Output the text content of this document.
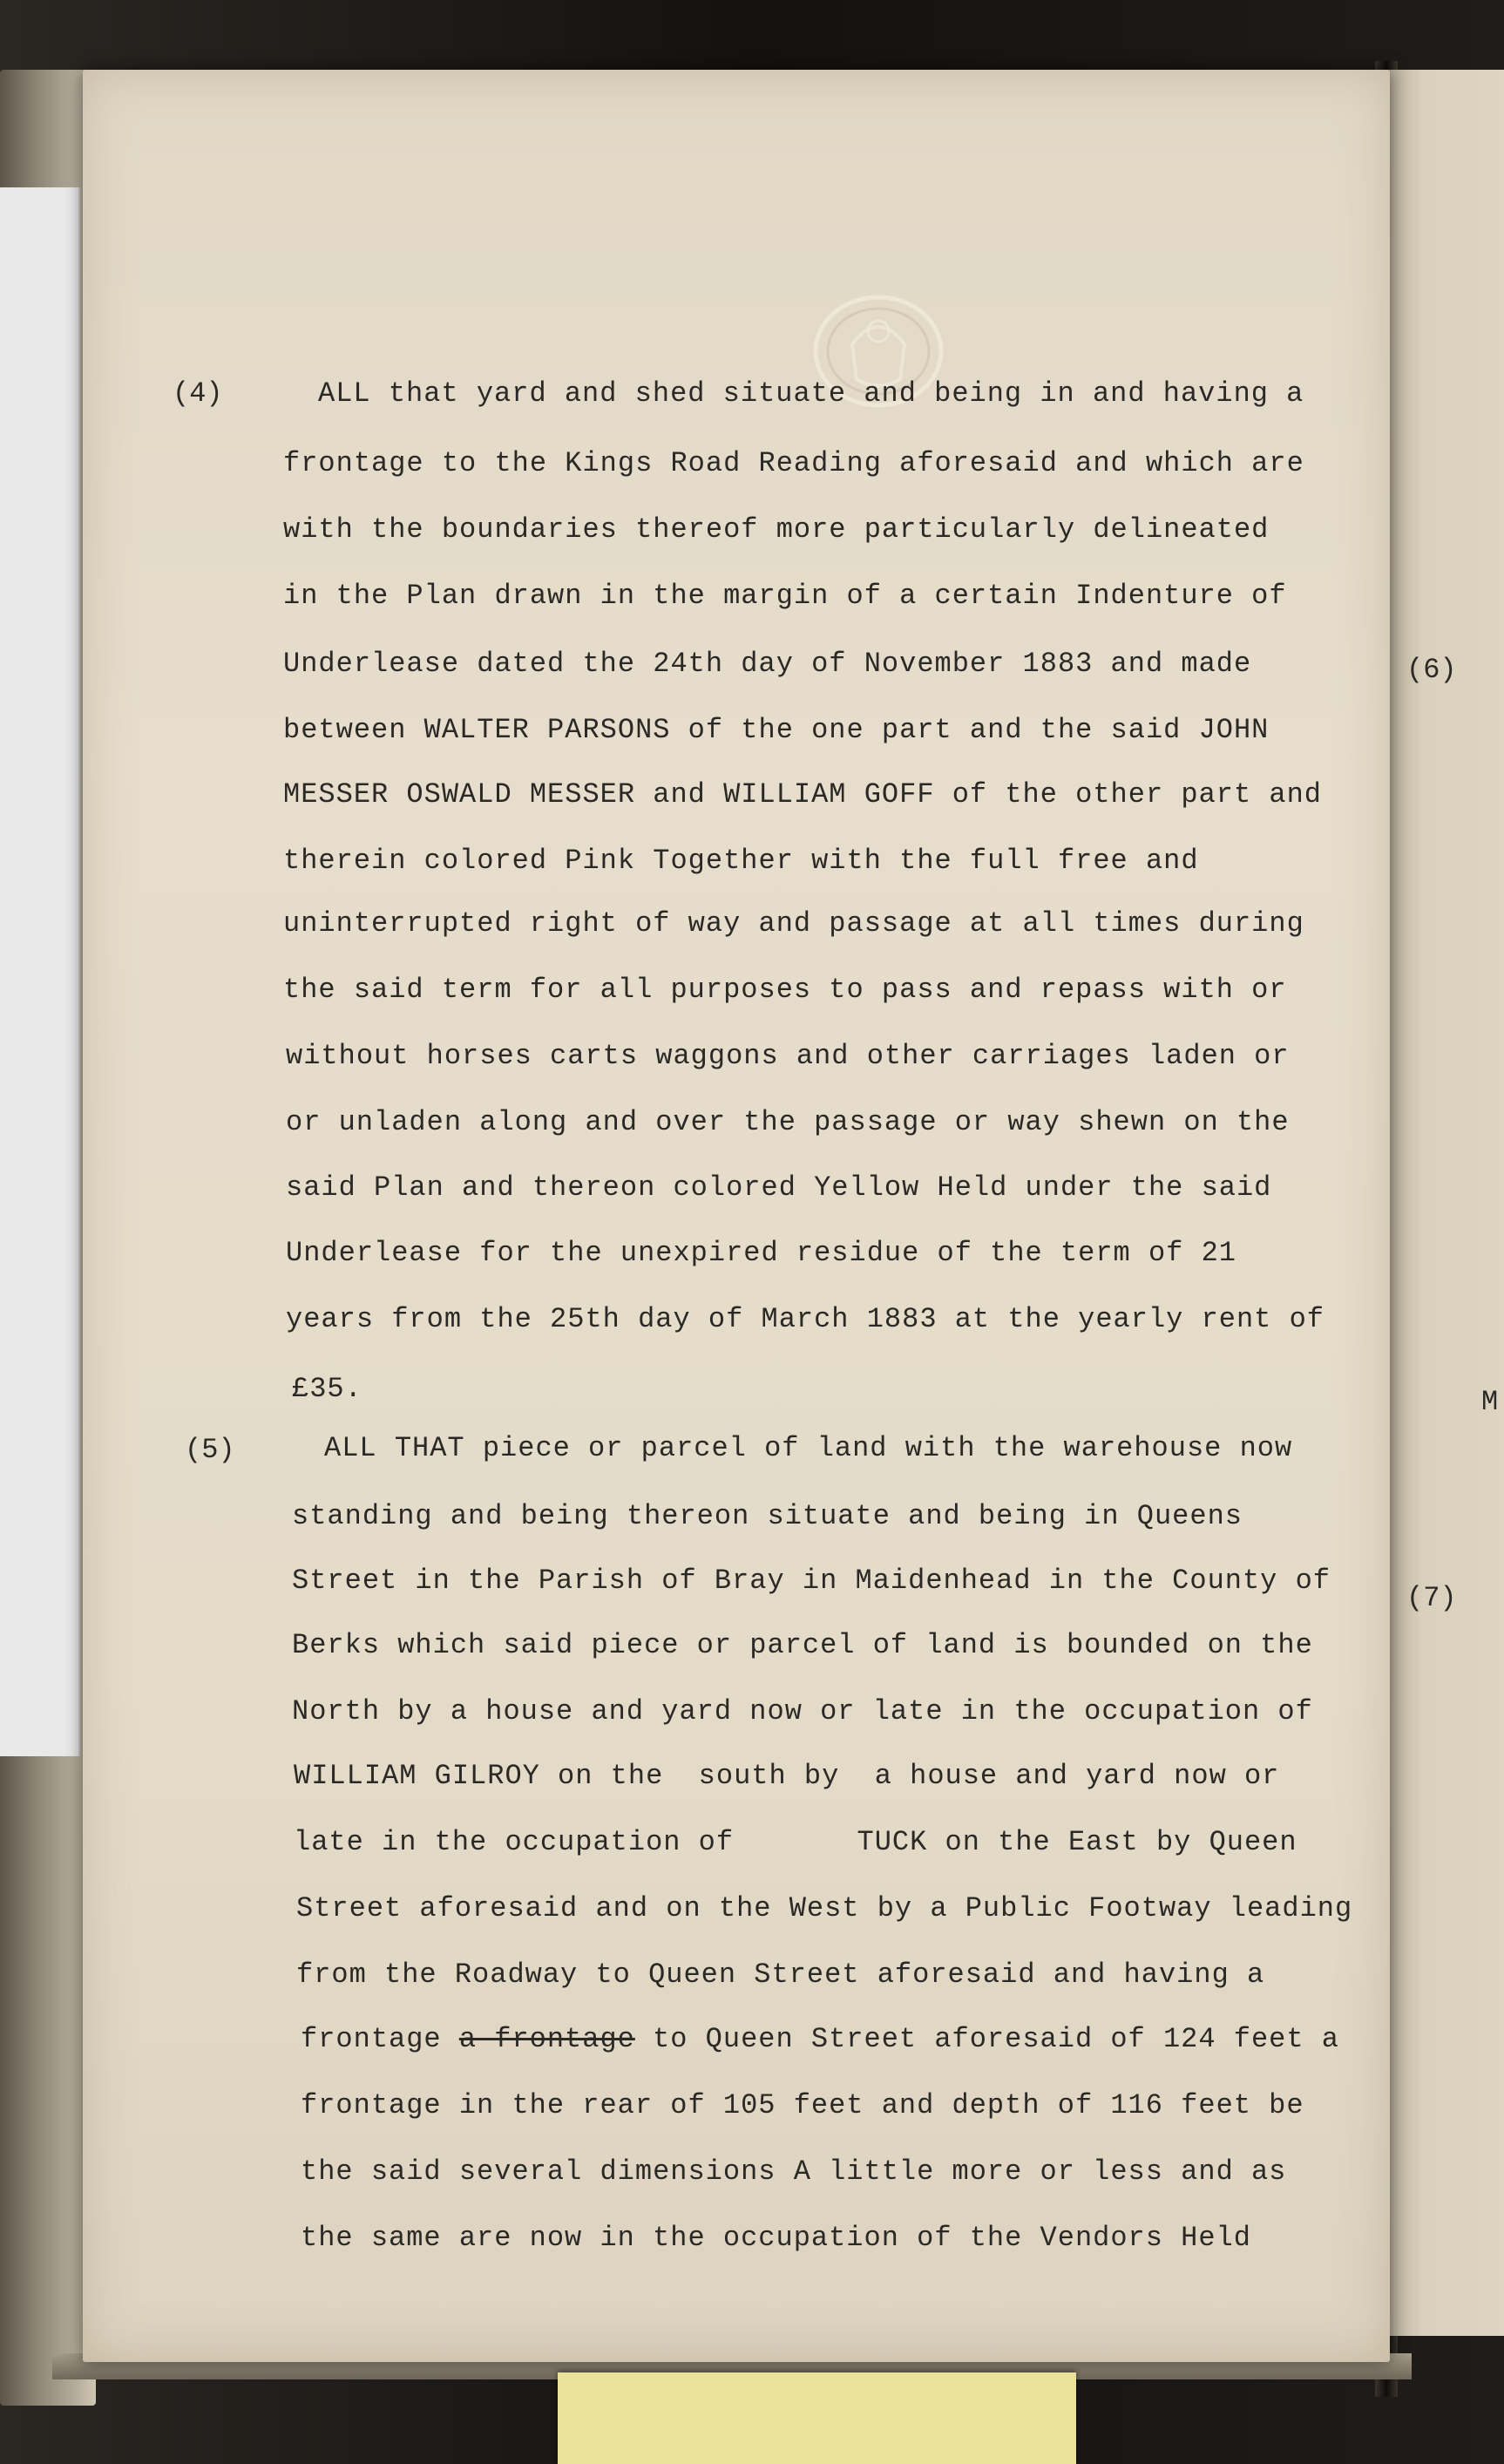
(6)
(7)
M
(4)	ALL that yard and shed situate and being in and having a
frontage to the Kings Road Reading aforesaid and which are
with the boundaries thereof more particularly delineated
in the Plan drawn in the margin of a certain Indenture of
Underlease dated the 24th day of November 1883 and made
between WALTER PARSONS of the one part and the said JOHN
MESSER OSWALD MESSER and WILLIAM GOFF of the other part and
therein colored Pink Together with the full free and
uninterrupted right of way and passage at all times during
the said term for all purposes to pass and repass with or
without horses carts waggons and other carriages laden or
or unladen along and over the passage or way shewn on the
said Plan and thereon colored Yellow Held under the said
Underlease for the unexpired residue of the term of 21
years from the 25th day of March 1883 at the yearly rent of
£35.
(5)	ALL THAT piece or parcel of land with the warehouse now
standing and being thereon situate and being in Queens
Street in the Parish of Bray in Maidenhead in the County of
Berks which said piece or parcel of land is bounded on the
North by a house and yard now or late in the occupation of
WILLIAM GILROY on the  south by  a house and yard now or
late in the occupation of       TUCK on the East by Queen
Street aforesaid and on the West by a Public Footway leading
from the Roadway to Queen Street aforesaid and having a
frontage a frontage to Queen Street aforesaid of 124 feet a
frontage in the rear of 105 feet and depth of 116 feet be
the said several dimensions A little more or less and as
the same are now in the occupation of the Vendors Held
